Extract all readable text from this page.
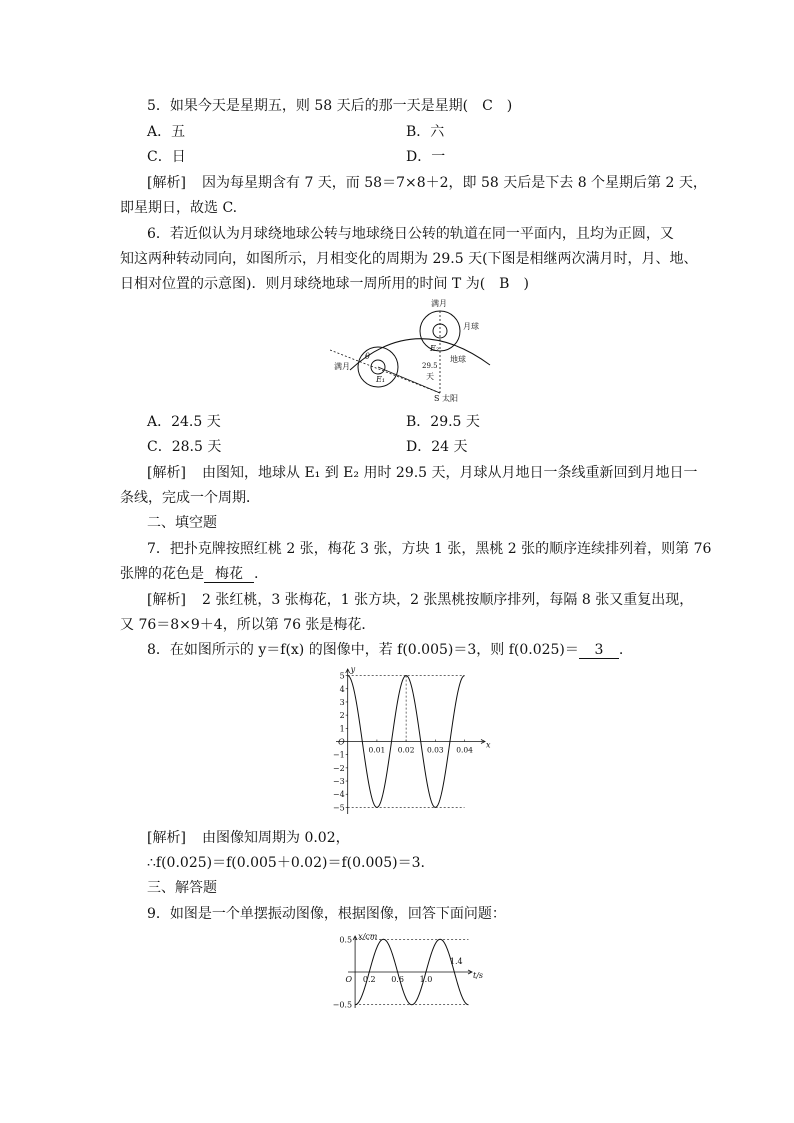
5．如果今天是星期五，则 58 天后的那一天是星期(　C　)
A．五	B．六
C．日	D．一
[解析] 因为每星期含有 7 天，而 58＝7×8＋2，即 58 天后是下去 8 个星期后第 2 天，
即星期日，故选 C.
6．若近似认为月球绕地球公转与地球绕日公转的轨道在同一平面内，且均为正圆，又
知这两种转动同向，如图所示，月相变化的周期为 29.5 天(下图是相继两次满月时，月、地、
日相对位置的示意图)．则月球绕地球一周所用的时间 T 为(　B　)
满月
月球
地球
E₂
E₁
满月
θ
29.5
天
S 太阳
A．24.5 天	B．29.5 天
C．28.5 天	D．24 天
[解析] 由图知，地球从 E₁ 到 E₂ 用时 29.5 天，月球从月地日一条线重新回到月地日一
条线，完成一个周期．
二、填空题
7．把扑克牌按照红桃 2 张，梅花 3 张，方块 1 张，黑桃 2 张的顺序连续排列着，则第 76
张牌的花色是 梅花 .
[解析] 2 张红桃，3 张梅花，1 张方块，2 张黑桃按顺序排列，每隔 8 张又重复出现，
又 76＝8×9＋4，所以第 76 张是梅花．
8．在如图所示的 y＝f(x) 的图像中，若 f(0.005)＝3，则 f(0.025)＝ 3 .
y
x
5
4
3
2
1
O
−1
−2
−3
−4
−5
0.01 0.02 0.03 0.04
[解析] 由图像知周期为 0.02，
∴f(0.025)＝f(0.005＋0.02)＝f(0.005)＝3.
三、解答题
9．如图是一个单摆振动图像，根据图像，回答下面问题：
x/cm
t/s
0.5
−0.5
O 0.2 0.6 1.0
1.4
